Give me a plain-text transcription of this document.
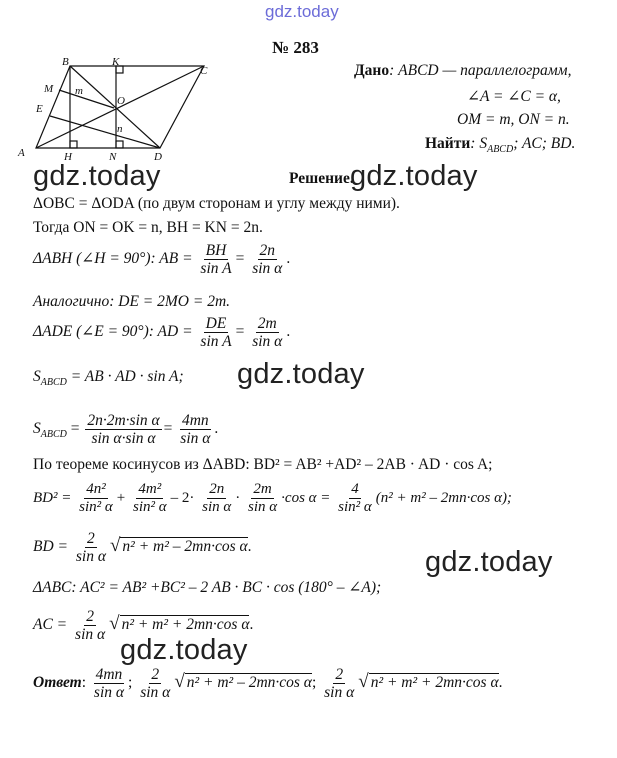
gdz.today
A
B
C
D
E
M
O
H	N
K
m
n
№ 283
Дано: ABCD — параллелограмм,
∠A = ∠C = α,
OM = m, ON = n.
Найти: $S_{ABCD}$; AC; BD.
gdz.today	Решение.
gdz.today
ΔOBC = ΔODA (по двум сторонам и углу между ними).
Тогда ON = OK = n, BH = KN = 2n.
ΔABH (∠H = 90°): AB = $\frac{BH}{\text{sin A}} = \frac{2n}{\text{sin α}}$ .
Аналогично: DE = 2MO = 2m.
ΔADE (∠E = 90°): AD = $\frac{DE}{\text{sin A}} = \frac{2m}{\text{sin α}}$ .
$S_{ABCD}$ = AB · AD · sin A; gdz.today
$S_{ABCD} = \frac{\text{2n·2m·sin α}}{\text{sin α·sin α}} = \frac{4mn}{\text{sin α}}$ .
По теореме косинусов из ΔABD: BD² = AB² +AD² – 2AB · AD · cos A;
$BD^2 = \frac{\text{4n²}}{\text{sin² α}} + \frac{\text{4m²}}{\text{sin² α}} - 2\cdot \frac{2n}{\text{sin α}} \cdot \frac{2m}{\text{sin α}} \cdot\cos$ $\alpha = \frac{4}{\text{sin² α}} (n^2 + m^2 - 2mn\cdot\cos$ α);
BD = $\frac{2}{\text{sin α}}$ √ n² + m² – 2mn·cos α.	gdz.today
ΔABC: AC² = AB² +BC² – 2 AB · BC · cos (180° – ∠A);
AC = $\frac{2}{\text{sin α}}$ √ n² + m² + 2mn·cos α.
gdz.today
Ответ: $\frac{4mn}{\text{sin α}}$ ; $\frac{2}{\text{sin α}}$ √ n² + m² – 2mn·cos α; $\frac{2}{\text{sin α}}$ √ n² + m² + 2mn·cos α.
